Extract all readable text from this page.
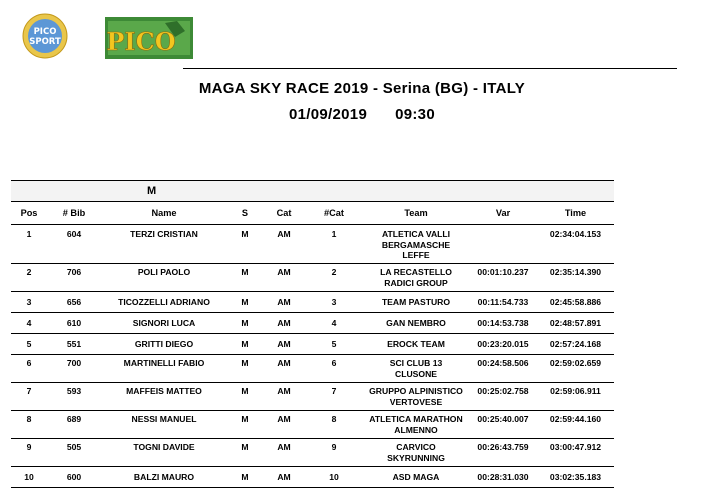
PICO
SPORT PICO
MAGA SKY RACE 2019 - Serina (BG) - ITALY
01/09/2019 09:30
M								
Pos	# Bib	Name	S	Cat	#Cat	Team	Var	Time
1	604	TERZI CRISTIAN	M	AM	1	ATLETICA VALLI
BERGAMASCHE
LEFFE		02:34:04.153
2	706	POLI PAOLO	M	AM	2	LA RECASTELLO
RADICI GROUP	00:01:10.237	02:35:14.390
3	656	TICOZZELLI ADRIANO	M	AM	3	TEAM PASTURO	00:11:54.733	02:45:58.886
4	610	SIGNORI LUCA	M	AM	4	GAN NEMBRO	00:14:53.738	02:48:57.891
5	551	GRITTI DIEGO	M	AM	5	EROCK TEAM	00:23:20.015	02:57:24.168
6	700	MARTINELLI FABIO	M	AM	6	SCI CLUB 13
CLUSONE	00:24:58.506	02:59:02.659
7	593	MAFFEIS MATTEO	M	AM	7	GRUPPO ALPINISTICO
VERTOVESE	00:25:02.758	02:59:06.911
8	689	NESSI MANUEL	M	AM	8	ATLETICA MARATHON
ALMENNO	00:25:40.007	02:59:44.160
9	505	TOGNI DAVIDE	M	AM	9	CARVICO
SKYRUNNING	00:26:43.759	03:00:47.912
10	600	BALZI MAURO	M	AM	10	ASD MAGA	00:28:31.030	03:02:35.183
